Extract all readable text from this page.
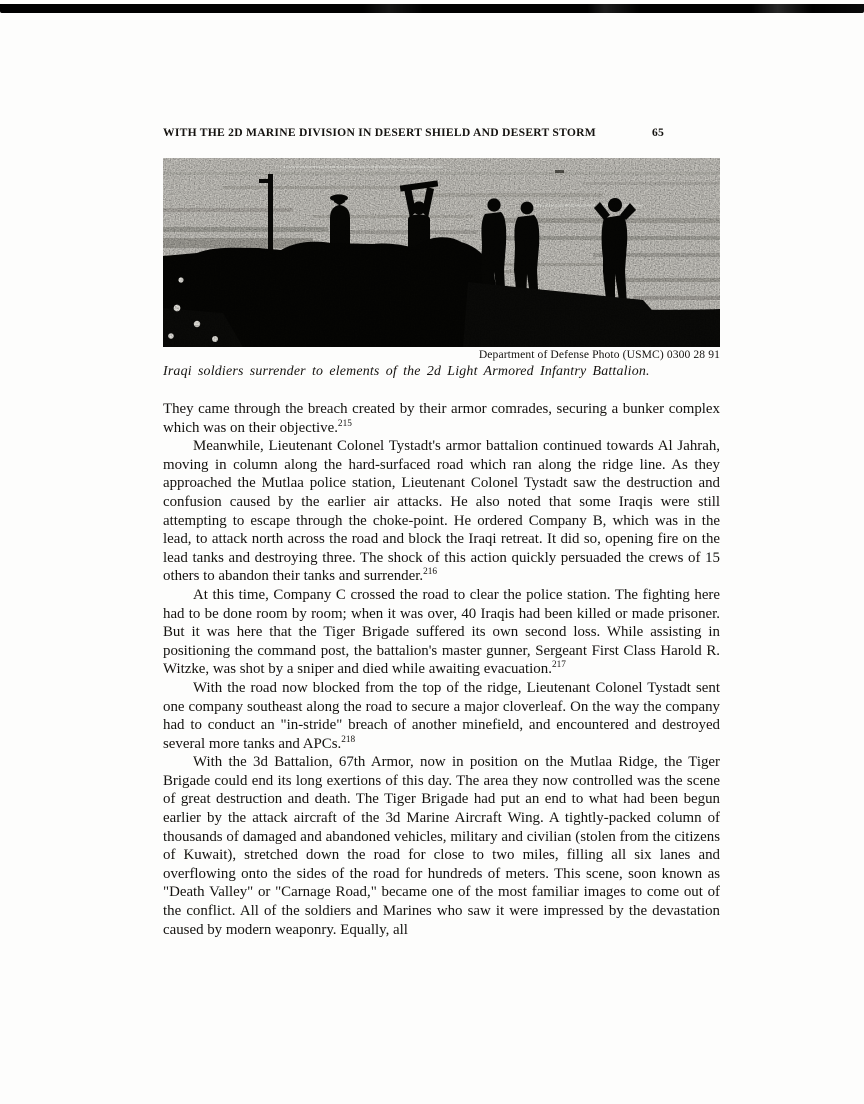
WITH THE 2D MARINE DIVISION IN DESERT SHIELD AND DESERT STORM	65
Department of Defense Photo (USMC) 0300 28 91
Iraqi soldiers surrender to elements of the 2d Light Armored Infantry Battalion.

They came through the breach created by their armor comrades, securing a bunker complex which was on their objective.$^{215}$

Meanwhile, Lieutenant Colonel Tystadt's armor battalion continued towards Al Jahrah, moving in column along the hard-surfaced road which ran along the ridge line. As they approached the Mutlaa police station, Lieutenant Colonel Tystadt saw the destruction and confusion caused by the earlier air attacks. He also noted that some Iraqis were still attempting to escape through the choke-point. He ordered Company B, which was in the lead, to attack north across the road and block the Iraqi retreat. It did so, opening fire on the lead tanks and destroying three. The shock of this action quickly persuaded the crews of 15 others to abandon their tanks and surrender.$^{216}$

At this time, Company C crossed the road to clear the police station. The fighting here had to be done room by room; when it was over, 40 Iraqis had been killed or made prisoner. But it was here that the Tiger Brigade suffered its own second loss. While assisting in positioning the command post, the battalion's master gunner, Sergeant First Class Harold R. Witzke, was shot by a sniper and died while awaiting evacuation.$^{217}$

With the road now blocked from the top of the ridge, Lieutenant Colonel Tystadt sent one company southeast along the road to secure a major cloverleaf. On the way the company had to conduct an "in-stride" breach of another minefield, and encountered and destroyed several more tanks and APCs.$^{218}$

With the 3d Battalion, 67th Armor, now in position on the Mutlaa Ridge, the Tiger Brigade could end its long exertions of this day. The area they now controlled was the scene of great destruction and death. The Tiger Brigade had put an end to what had been begun earlier by the attack aircraft of the 3d Marine Aircraft Wing. A tightly-packed column of thousands of damaged and abandoned vehicles, military and civilian (stolen from the citizens of Kuwait), stretched down the road for close to two miles, filling all six lanes and overflowing onto the sides of the road for hundreds of meters. This scene, soon known as "Death Valley" or "Carnage Road," became one of the most familiar images to come out of the conflict. All of the soldiers and Marines who saw it were impressed by the devastation caused by modern weaponry. Equally, all
